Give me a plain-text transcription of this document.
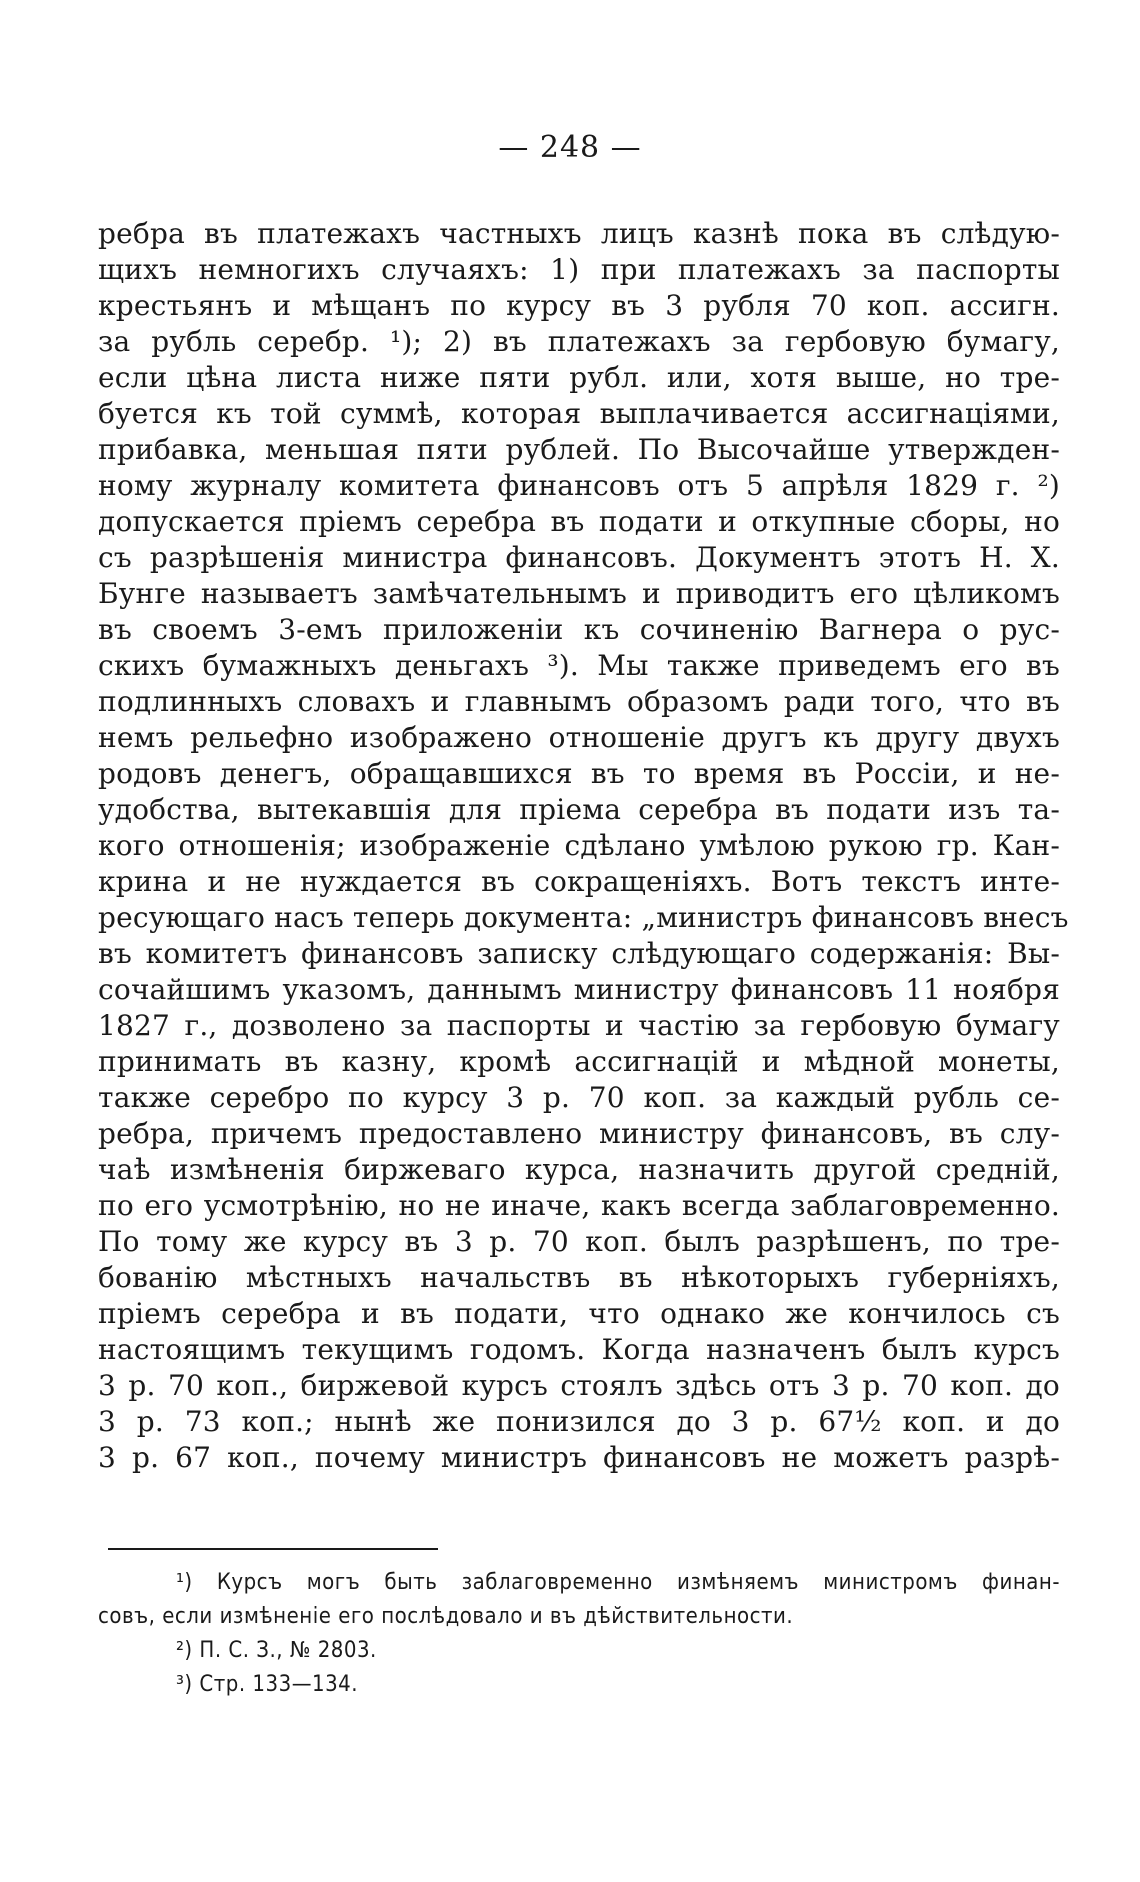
— 248 —
ребра въ платежахъ частныхъ лицъ казнѣ пока въ слѣдую-
щихъ немногихъ случаяхъ: 1) при платежахъ за паспорты
крестьянъ и мѣщанъ по курсу въ 3 рубля 70 коп. ассигн.
за рубль серебр. ¹); 2) въ платежахъ за гербовую бумагу,
если цѣна листа ниже пяти рубл. или, хотя выше, но тре-
буется къ той суммѣ, которая выплачивается ассигнаціями,
прибавка, меньшая пяти рублей. По Высочайше утвержден-
ному журналу комитета финансовъ отъ 5 апрѣля 1829 г. ²)
допускается пріемъ серебра въ подати и откупные сборы, но
съ разрѣшенія министра финансовъ. Документъ этотъ Н. Х.
Бунге называетъ замѣчательнымъ и приводитъ его цѣликомъ
въ своемъ 3-емъ приложеніи къ сочиненію Вагнера о рус-
скихъ бумажныхъ деньгахъ ³). Мы также приведемъ его въ
подлинныхъ словахъ и главнымъ образомъ ради того, что въ
немъ рельефно изображено отношеніе другъ къ другу двухъ
родовъ денегъ, обращавшихся въ то время въ Россіи, и не-
удобства, вытекавшія для пріема серебра въ подати изъ та-
кого отношенія; изображеніе сдѣлано умѣлою рукою гр. Кан-
крина и не нуждается въ сокращеніяхъ. Вотъ текстъ инте-
ресующаго насъ теперь документа: „министръ финансовъ внесъ
въ комитетъ финансовъ записку слѣдующаго содержанія: Вы-
сочайшимъ указомъ, даннымъ министру финансовъ 11 ноября
1827 г., дозволено за паспорты и частію за гербовую бумагу
принимать въ казну, кромѣ ассигнацій и мѣдной монеты,
также серебро по курсу 3 р. 70 коп. за каждый рубль се-
ребра, причемъ предоставлено министру финансовъ, въ слу-
чаѣ измѣненія биржеваго курса, назначить другой средній,
по его усмотрѣнію, но не иначе, какъ всегда заблаговременно.
По тому же курсу въ 3 р. 70 коп. былъ разрѣшенъ, по тре-
бованію мѣстныхъ начальствъ въ нѣкоторыхъ губерніяхъ,
пріемъ серебра и въ подати, что однако же кончилось съ
настоящимъ текущимъ годомъ. Когда назначенъ былъ курсъ
3 р. 70 коп., биржевой курсъ стоялъ здѣсь отъ 3 р. 70 коп. до
3 р. 73 коп.; нынѣ же понизился до 3 р. 67½ коп. и до
3 р. 67 коп., почему министръ финансовъ не можетъ разрѣ-
¹) Курсъ могъ быть заблаговременно измѣняемъ министромъ финан-
совъ, если измѣненіе его послѣдовало и въ дѣйствительности.
²) П. С. З., № 2803.
³) Стр. 133—134.
